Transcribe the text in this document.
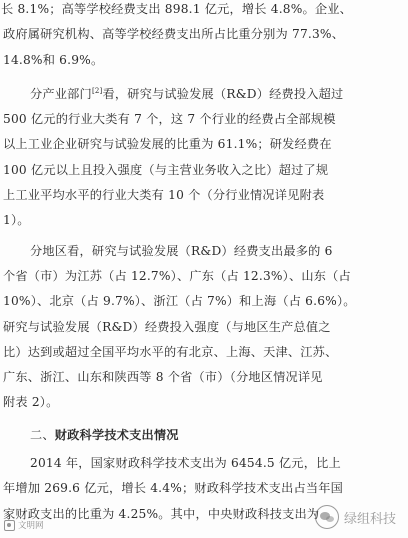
长 8.1%；高等学校经费支出 898.1 亿元，增长 4.8%。企业、
政府属研究机构、高等学校经费支出所占比重分别为 77.3%、
14.8%和 6.9%。
分产业部门[2]看，研究与试验发展（R&D）经费投入超过
500 亿元的行业大类有 7 个，这 7 个行业的经费占全部规模
以上工业企业研究与试验发展的比重为 61.1%；研发经费在
100 亿元以上且投入强度（与主营业务收入之比）超过了规
上工业平均水平的行业大类有 10 个（分行业情况详见附表
1）。
分地区看，研究与试验发展（R&D）经费支出最多的 6
个省（市）为江苏（占 12.7%）、广东（占 12.3%）、山东（占
10%）、北京（占 9.7%）、浙江（占 7%）和上海（占 6.6%）。
研究与试验发展（R&D）经费投入强度（与地区生产总值之
比）达到或超过全国平均水平的有北京、上海、天津、江苏、
广东、浙江、山东和陕西等 8 个省（市）（分地区情况详见
附表 2）。
二、财政科学技术支出情况
2014 年，国家财政科学技术支出为 6454.5 亿元，比上
年增加 269.6 亿元，增长 4.4%；财政科学技术支出占当年国
家财政支出的比重为 4.25%。其中，中央财政科技支出为
文明网	绿组科技
